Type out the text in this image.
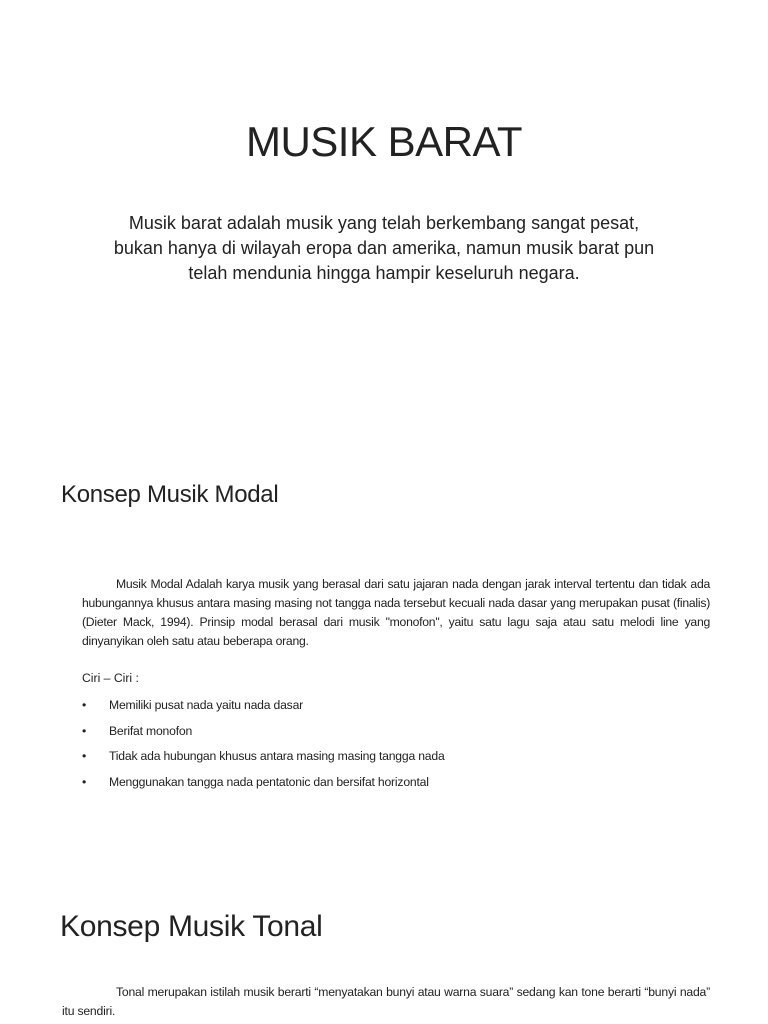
MUSIK BARAT
Musik barat adalah musik yang telah berkembang sangat pesat, bukan hanya di wilayah eropa dan amerika, namun musik barat pun telah mendunia hingga hampir keseluruh negara.
Konsep Musik Modal
Musik Modal Adalah karya musik yang berasal dari satu jajaran nada dengan jarak interval tertentu dan tidak ada hubungannya khusus antara masing masing not tangga nada tersebut kecuali nada dasar yang merupakan pusat (finalis) (Dieter Mack, 1994). Prinsip modal berasal dari musik "monofon", yaitu satu lagu saja atau satu melodi line yang dinyanyikan oleh satu atau beberapa orang.
Ciri – Ciri :
• Memiliki pusat nada yaitu nada dasar
• Berifat monofon
• Tidak ada hubungan khusus antara masing masing tangga nada
• Menggunakan tangga nada pentatonic dan bersifat horizontal
Konsep Musik Tonal
Tonal merupakan istilah musik berarti “menyatakan bunyi atau warna suara” sedang kan tone berarti “bunyi nada” itu sendiri.
